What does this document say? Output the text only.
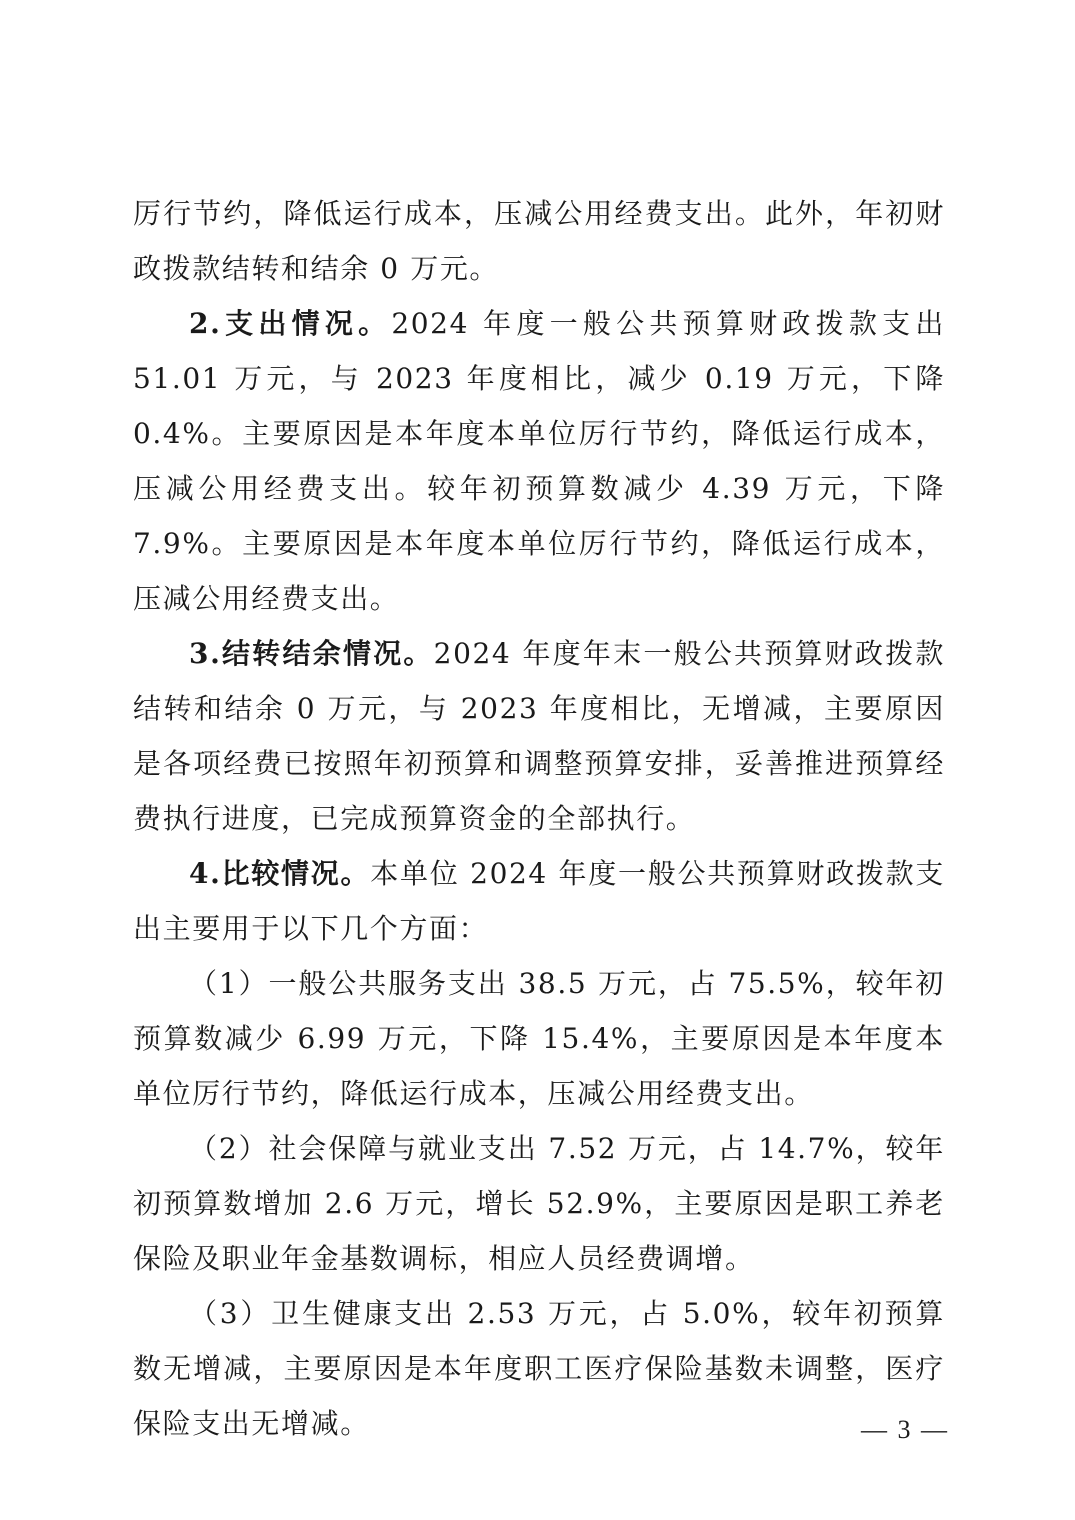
厉行节约，降低运行成本，压减公用经费支出。此外，年初财政拨款结转和结余 0 万元。

2.支出情况。2024 年度一般公共预算财政拨款支出 51.01 万元，与 2023 年度相比，减少 0.19 万元，下降 0.4%。主要原因是本年度本单位厉行节约，降低运行成本，压减公用经费支出。较年初预算数减少 4.39 万元，下降 7.9%。主要原因是本年度本单位厉行节约，降低运行成本，压减公用经费支出。

3.结转结余情况。2024 年度年末一般公共预算财政拨款结转和结余 0 万元，与 2023 年度相比，无增减，主要原因是各项经费已按照年初预算和调整预算安排，妥善推进预算经费执行进度，已完成预算资金的全部执行。

4.比较情况。本单位 2024 年度一般公共预算财政拨款支出主要用于以下几个方面：

（1）一般公共服务支出 38.5 万元，占 75.5%，较年初预算数减少 6.99 万元，下降 15.4%，主要原因是本年度本单位厉行节约，降低运行成本，压减公用经费支出。

（2）社会保障与就业支出 7.52 万元，占 14.7%，较年初预算数增加 2.6 万元，增长 52.9%，主要原因是职工养老保险及职业年金基数调标，相应人员经费调增。

（3）卫生健康支出 2.53 万元，占 5.0%，较年初预算数无增减，主要原因是本年度职工医疗保险基数未调整，医疗保险支出无增减。	— 3 —
